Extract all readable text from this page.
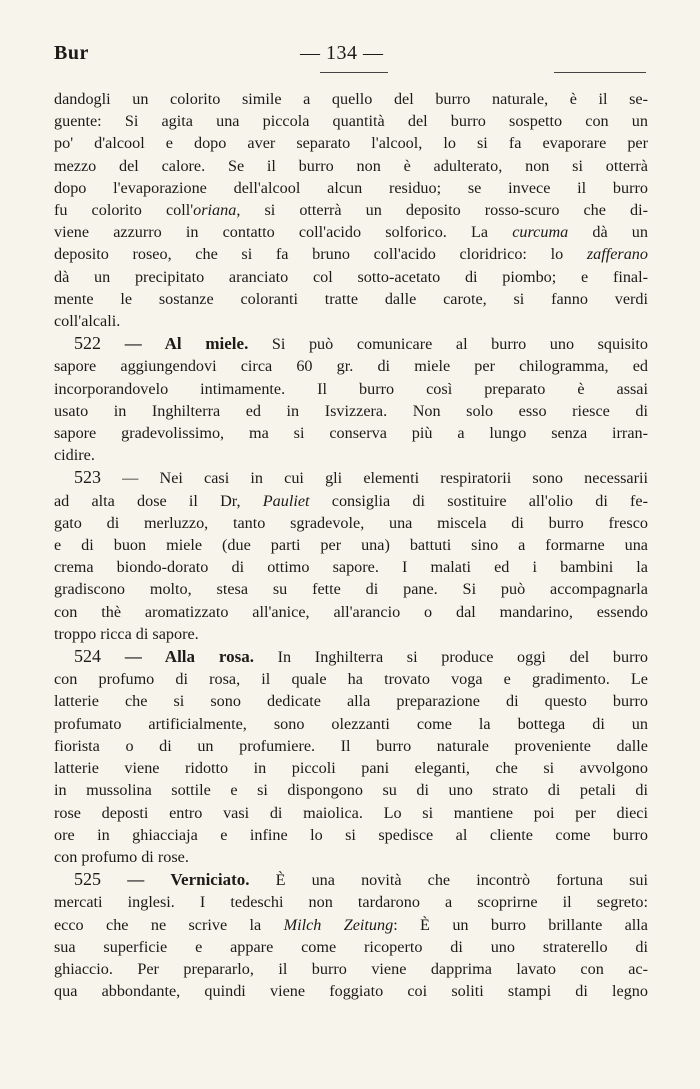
Bur	— 134 —
dandogli un colorito simile a quello del burro naturale, è il se-
guente: Si agita una piccola quantità del burro sospetto con un
po' d'alcool e dopo aver separato l'alcool, lo si fa evaporare per
mezzo del calore. Se il burro non è adulterato, non si otterrà
dopo l'evaporazione dell'alcool alcun residuo; se invece il burro
fu colorito coll'oriana, si otterrà un deposito rosso-scuro che di-
viene azzurro in contatto coll'acido solforico. La curcuma dà un
deposito roseo, che si fa bruno coll'acido cloridrico: lo zafferano
dà un precipitato aranciato col sotto-acetato di piombo; e final-
mente le sostanze coloranti tratte dalle carote, si fanno verdi
coll'alcali.
522 — Al miele. Si può comunicare al burro uno squisito
sapore aggiungendovi circa 60 gr. di miele per chilogramma, ed
incorporandovelo intimamente. Il burro così preparato è assai
usato in Inghilterra ed in Isvizzera. Non solo esso riesce di
sapore gradevolissimo, ma si conserva più a lungo senza irran-
cidire.
523 — Nei casi in cui gli elementi respiratorii sono necessarii
ad alta dose il Dr, Pauliet consiglia di sostituire all'olio di fe-
gato di merluzzo, tanto sgradevole, una miscela di burro fresco
e di buon miele (due parti per una) battuti sino a formarne una
crema biondo-dorato di ottimo sapore. I malati ed i bambini la
gradiscono molto, stesa su fette di pane. Si può accompagnarla
con thè aromatizzato all'anice, all'arancio o dal mandarino, essendo
troppo ricca di sapore.
524 — Alla rosa. In Inghilterra si produce oggi del burro
con profumo di rosa, il quale ha trovato voga e gradimento. Le
latterie che si sono dedicate alla preparazione di questo burro
profumato artificialmente, sono olezzanti come la bottega di un
fiorista o di un profumiere. Il burro naturale proveniente dalle
latterie viene ridotto in piccoli pani eleganti, che si avvolgono
in mussolina sottile e si dispongono su di uno strato di petali di
rose deposti entro vasi di maiolica. Lo si mantiene poi per dieci
ore in ghiacciaja e infine lo si spedisce al cliente come burro
con profumo di rose.
525 — Verniciato. È una novità che incontrò fortuna sui
mercati inglesi. I tedeschi non tardarono a scoprirne il segreto:
ecco che ne scrive la Milch Zeitung: È un burro brillante alla
sua superficie e appare come ricoperto di uno straterello di
ghiaccio. Per prepararlo, il burro viene dapprima lavato con ac-
qua abbondante, quindi viene foggiato coi soliti stampi di legno
